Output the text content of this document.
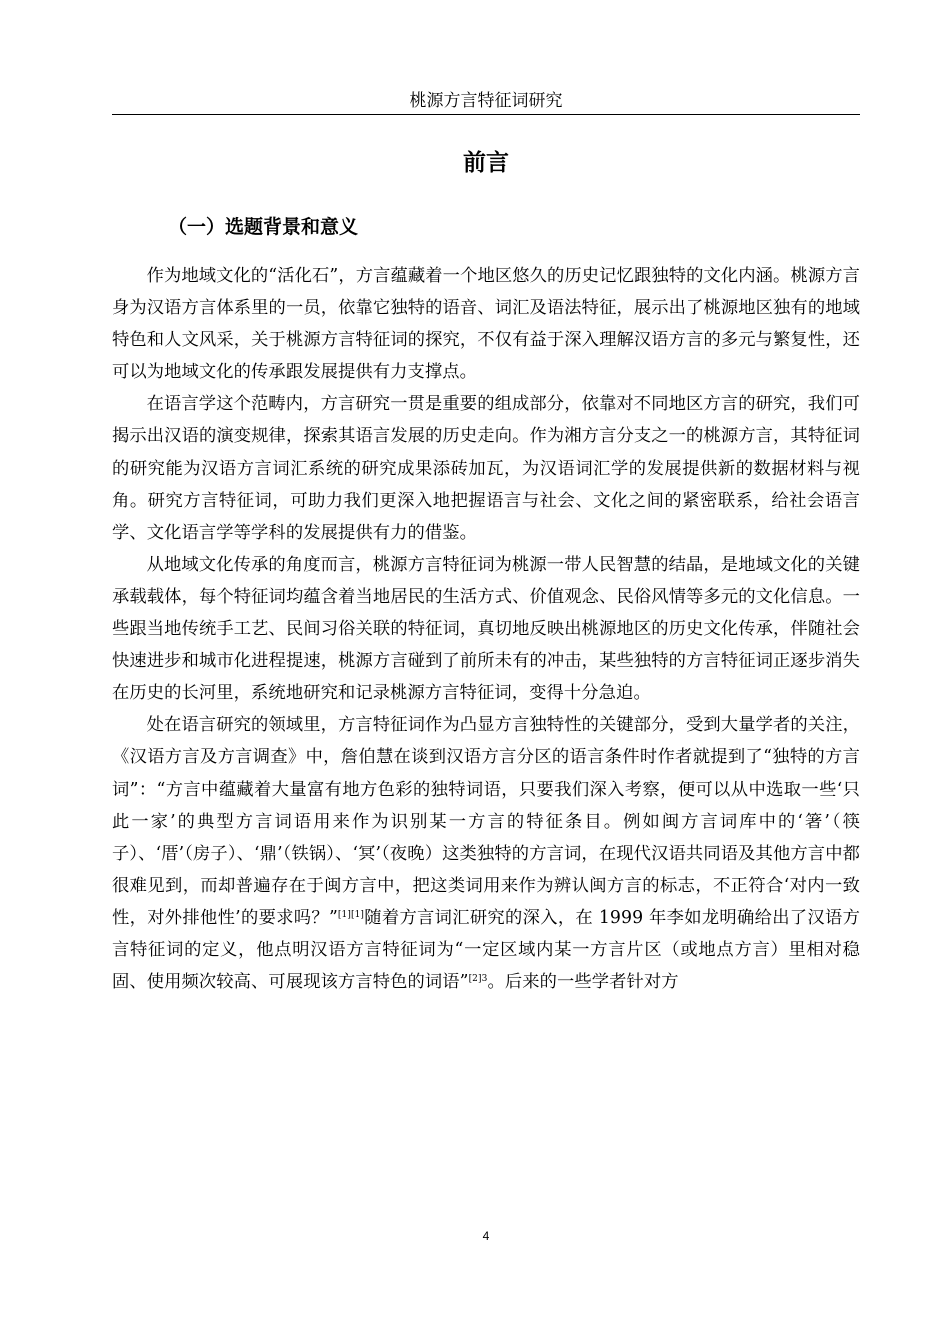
桃源方言特征词研究
前言
（一）选题背景和意义

作为地域文化的“活化石”，方言蕴藏着一个地区悠久的历史记忆跟独特的文化内涵。桃源方言身为汉语方言体系里的一员，依靠它独特的语音、词汇及语法特征，展示出了桃源地区独有的地域特色和人文风采，关于桃源方言特征词的探究，不仅有益于深入理解汉语方言的多元与繁复性，还可以为地域文化的传承跟发展提供有力支撑点。

在语言学这个范畴内，方言研究一贯是重要的组成部分，依靠对不同地区方言的研究，我们可揭示出汉语的演变规律，探索其语言发展的历史走向。作为湘方言分支之一的桃源方言，其特征词的研究能为汉语方言词汇系统的研究成果添砖加瓦，为汉语词汇学的发展提供新的数据材料与视角。研究方言特征词，可助力我们更深入地把握语言与社会、文化之间的紧密联系，给社会语言学、文化语言学等学科的发展提供有力的借鉴。

从地域文化传承的角度而言，桃源方言特征词为桃源一带人民智慧的结晶，是地域文化的关键承载载体，每个特征词均蕴含着当地居民的生活方式、价值观念、民俗风情等多元的文化信息。一些跟当地传统手工艺、民间习俗关联的特征词，真切地反映出桃源地区的历史文化传承，伴随社会快速进步和城市化进程提速，桃源方言碰到了前所未有的冲击，某些独特的方言特征词正逐步消失在历史的长河里，系统地研究和记录桃源方言特征词，变得十分急迫。

处在语言研究的领域里，方言特征词作为凸显方言独特性的关键部分，受到大量学者的关注，《汉语方言及方言调查》中，詹伯慧在谈到汉语方言分区的语言条件时作者就提到了“独特的方言词”：“方言中蕴藏着大量富有地方色彩的独特词语，只要我们深入考察，便可以从中选取一些‘只此一家’的典型方言词语用来作为识别某一方言的特征条目。例如闽方言词库中的‘箸’（筷子）、‘厝’（房子）、‘鼎’（铁锅）、‘冥’（夜晚）这类独特的方言词，在现代汉语共同语及其他方言中都很难见到，而却普遍存在于闽方言中，把这类词用来作为辨认闽方言的标志，不正符合‘对内一致性，对外排他性’的要求吗？”[1][1]随着方言词汇研究的深入，在 1999 年李如龙明确给出了汉语方言特征词的定义，他点明汉语方言特征词为“一定区域内某一方言片区（或地点方言）里相对稳固、使用频次较高、可展现该方言特色的词语”$^{[2]3}$。后来的一些学者针对方

4
